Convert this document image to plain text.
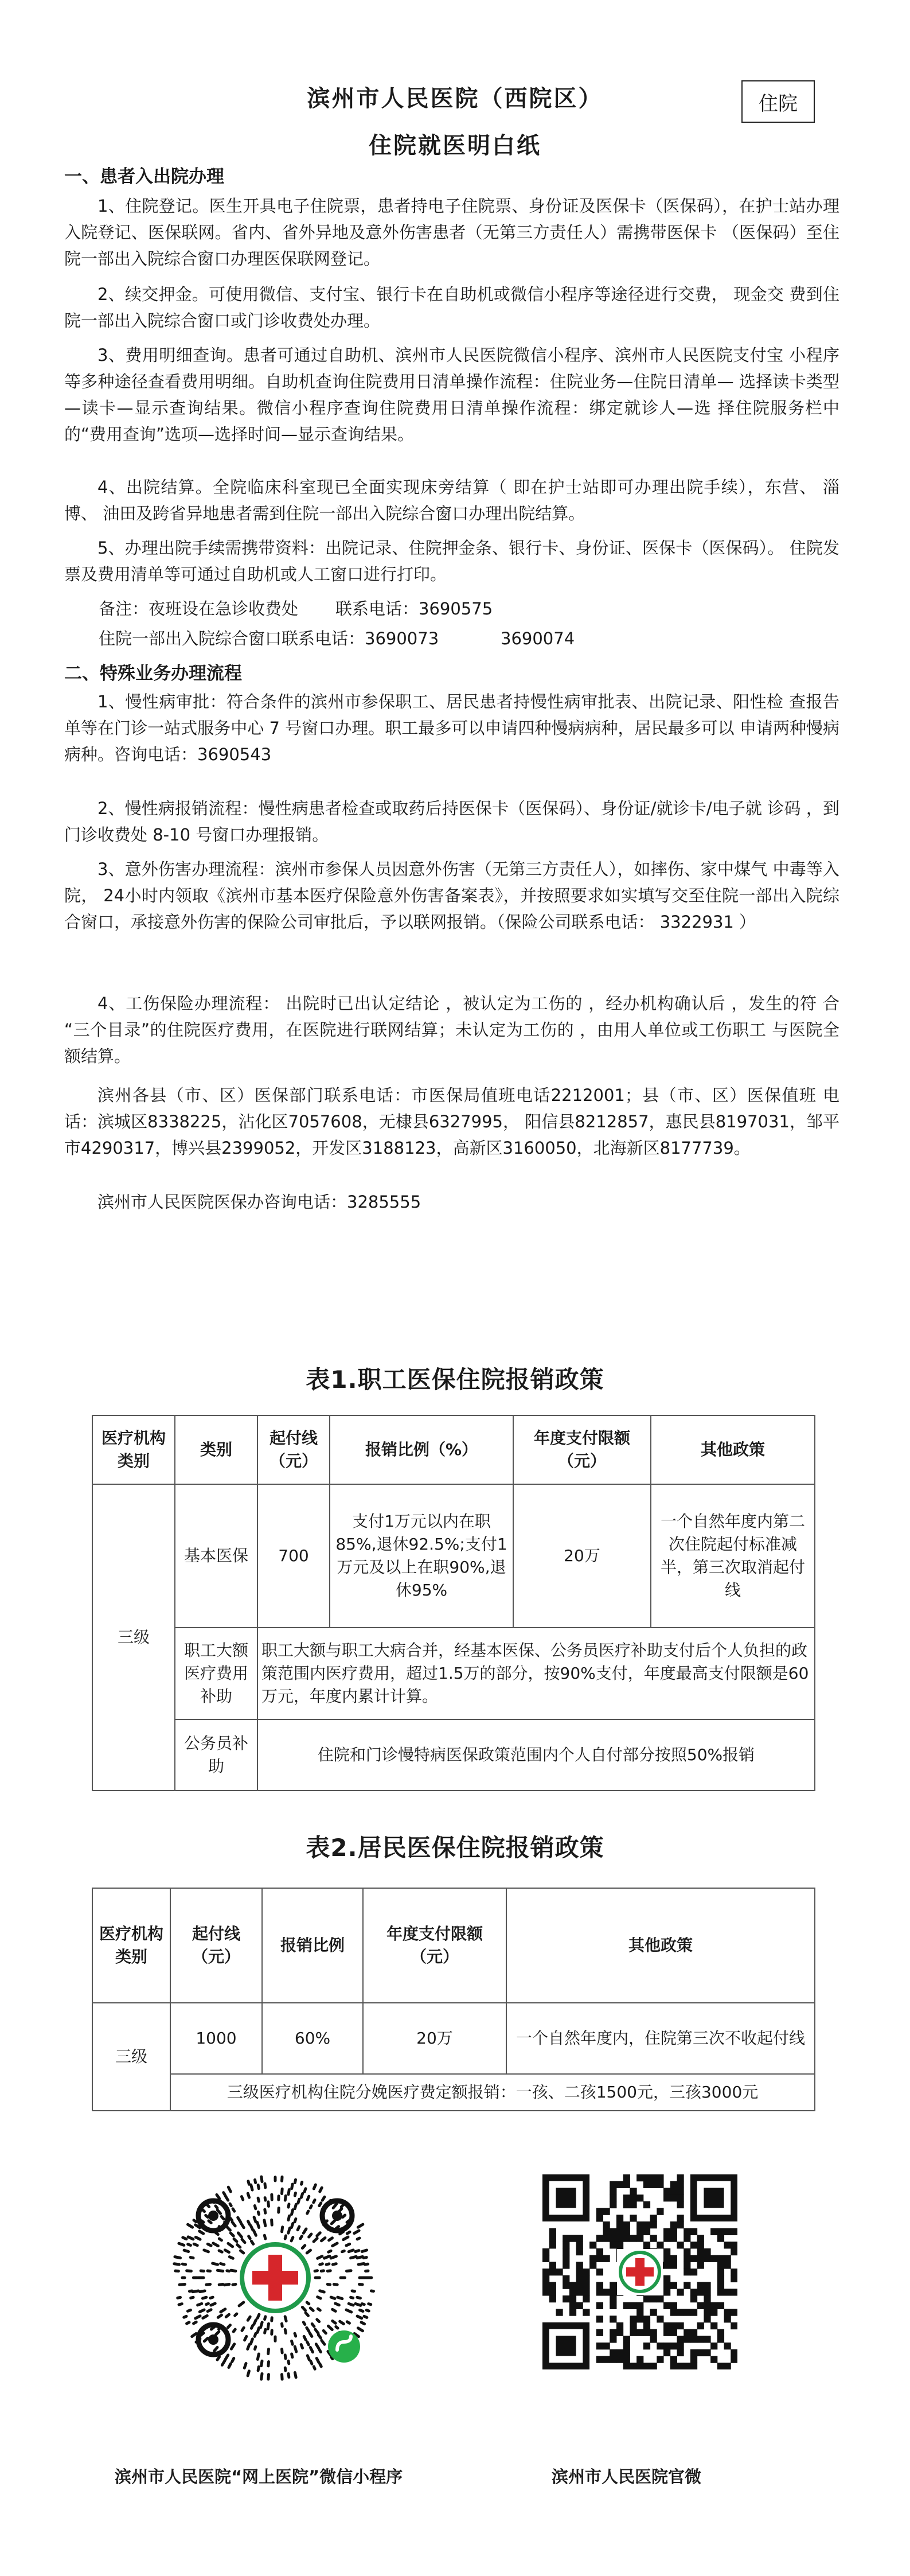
滨州市人民医院（西院区）
住院就医明白纸
住院
一、患者入出院办理
1、住院登记。医生开具电子住院票，患者持电子住院票、身份证及医保卡（医保码），在护士站办理入院登记、医保联网。省内、省外异地及意外伤害患者（无第三方责任人）需携带医保卡 （医保码）至住院一部出入院综合窗口办理医保联网登记。
2、续交押金。可使用微信、支付宝、银行卡在自助机或微信小程序等途径进行交费， 现金交 费到住院一部出入院综合窗口或门诊收费处办理。
3、费用明细查询。患者可通过自助机、滨州市人民医院微信小程序、滨州市人民医院支付宝 小程序等多种途径查看费用明细。自助机查询住院费用日清单操作流程：住院业务—住院日清单— 选择读卡类型—读卡—显示查询结果。微信小程序查询住院费用日清单操作流程：绑定就诊人—选 择住院服务栏中的“费用查询”选项—选择时间—显示查询结果。
4、出院结算。全院临床科室现已全面实现床旁结算（ 即在护士站即可办理出院手续），东营、 淄博、 油田及跨省异地患者需到住院一部出入院综合窗口办理出院结算。
5、办理出院手续需携带资料：出院记录、住院押金条、银行卡、身份证、医保卡（医保码）。 住院发票及费用清单等可通过自助机或人工窗口进行打印。
备注：夜班设在急诊收费处 联系电话：3690575
住院一部出入院综合窗口联系电话：3690073	3690074
二、特殊业务办理流程
1、慢性病审批：符合条件的滨州市参保职工、居民患者持慢性病审批表、出院记录、阳性检 查报告单等在门诊一站式服务中心 7 号窗口办理。职工最多可以申请四种慢病病种，居民最多可以 申请两种慢病病种。咨询电话：3690543
2、慢性病报销流程：慢性病患者检查或取药后持医保卡（医保码）、身份证/就诊卡/电子就 诊码 ，到门诊收费处 8-10 号窗口办理报销。
3、意外伤害办理流程：滨州市参保人员因意外伤害（无第三方责任人），如摔伤、家中煤气 中毒等入院， 24小时内领取《滨州市基本医疗保险意外伤害备案表》，并按照要求如实填写交至住院一部出入院综合窗口，承接意外伤害的保险公司审批后，予以联网报销。（保险公司联系电话： 3322931 ）
4、工伤保险办理流程： 出院时已出认定结论 ，被认定为工伤的 ，经办机构确认后 ，发生的符 合 “三个目录”的住院医疗费用，在医院进行联网结算；未认定为工伤的 ，由用人单位或工伤职工 与医院全额结算。
滨州各县（市、区）医保部门联系电话：市医保局值班电话2212001；县（市、区）医保值班 电话：滨城区8338225，沾化区7057608，无棣县6327995， 阳信县8212857，惠民县8197031，邹平市4290317，博兴县2399052，开发区3188123，高新区3160050，北海新区8177739。
滨州市人民医院医保办咨询电话：3285555
表1.职工医保住院报销政策
医疗机构类别	类别	起付线（元）	报销比例（%）	年度支付限额（元）	其他政策
三级	基本医保	700	支付1万元以内在职85%,退休92.5%;支付1万元及以上在职90%,退休95%	20万	一个自然年度内第二次住院起付标准减半，第三次取消起付线
	职工大额医疗费用补助	职工大额与职工大病合并，经基本医保、公务员医疗补助支付后个人负担的政策范围内医疗费用，超过1.5万的部分，按90%支付，年度最高支付限额是60万元，年度内累计计算。			
	公务员补助	住院和门诊慢特病医保政策范围内个人自付部分按照50%报销			
表2.居民医保住院报销政策
医疗机构类别	起付线（元）	报销比例	年度支付限额（元）	其他政策
三级	1000	60%	20万	一个自然年度内，住院第三次不收起付线
	三级医疗机构住院分娩医疗费定额报销：一孩、二孩1500元，三孩3000元			
滨州市人民医院“网上医院”微信小程序	滨州市人民医院官微
